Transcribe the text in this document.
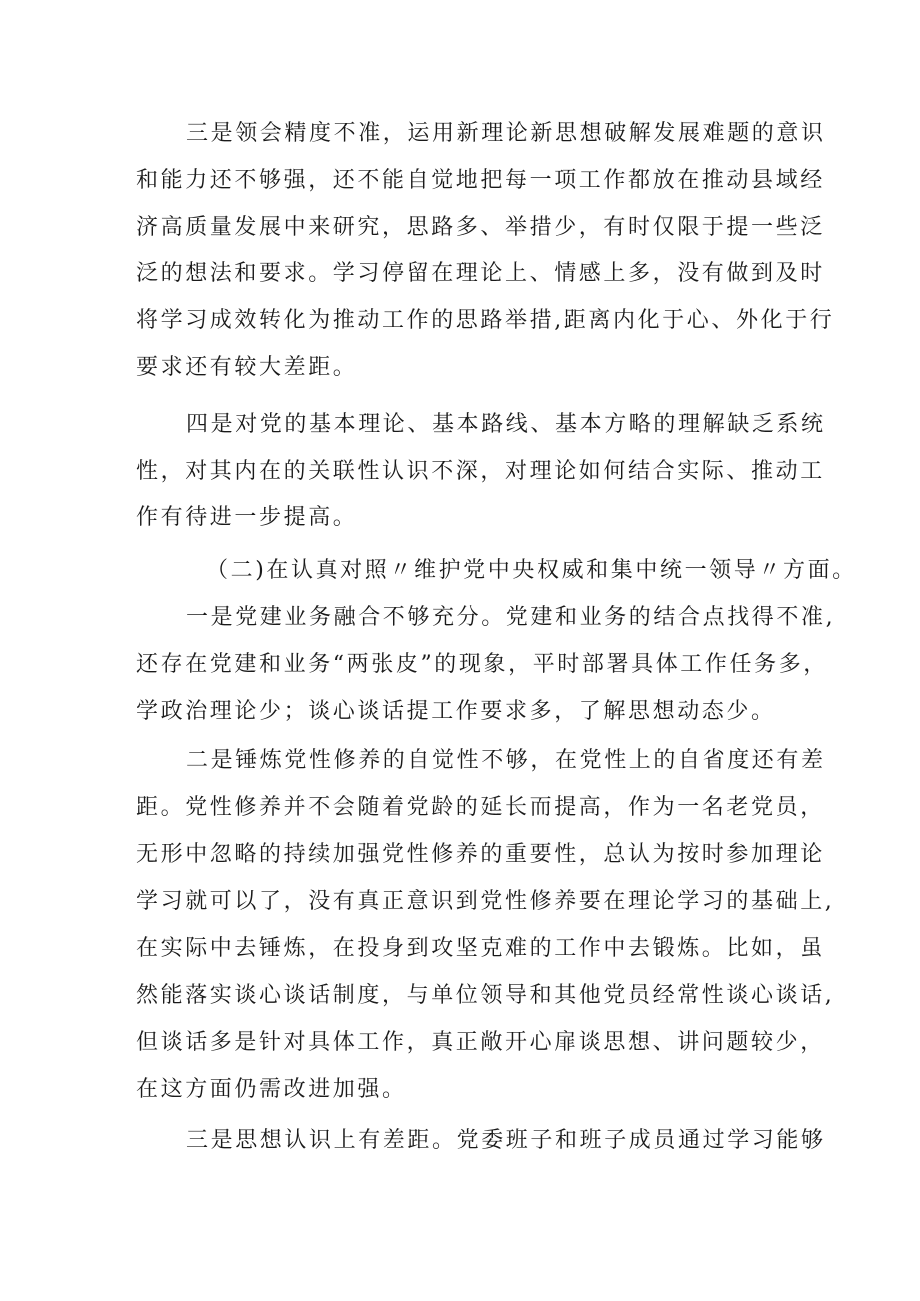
三是领会精度不准，运用新理论新思想破解发展难题的意识
和能力还不够强，还不能自觉地把每一项工作都放在推动县域经
济高质量发展中来研究，思路多、举措少，有时仅限于提一些泛
泛的想法和要求。学习停留在理论上、情感上多，没有做到及时
将学习成效转化为推动工作的思路举措,距离内化于心、外化于行
要求还有较大差距。
四是对党的基本理论、基本路线、基本方略的理解缺乏系统
性，对其内在的关联性认识不深，对理论如何结合实际、推动工
作有待进一步提高。
（二)在认真对照〃维护党中央权威和集中统一领导〃方面。
一是党建业务融合不够充分。党建和业务的结合点找得不准,
还存在党建和业务“两张皮”的现象，平时部署具体工作任务多，
学政治理论少；谈心谈话提工作要求多，了解思想动态少。
二是锤炼党性修养的自觉性不够，在党性上的自省度还有差
距。党性修养并不会随着党龄的延长而提高，作为一名老党员，
无形中忽略的持续加强党性修养的重要性，总认为按时参加理论
学习就可以了，没有真正意识到党性修养要在理论学习的基础上,
在实际中去锤炼，在投身到攻坚克难的工作中去锻炼。比如，虽
然能落实谈心谈话制度，与单位领导和其他党员经常性谈心谈话,
但谈话多是针对具体工作，真正敞开心扉谈思想、讲问题较少，
在这方面仍需改进加强。
三是思想认识上有差距。党委班子和班子成员通过学习能够
